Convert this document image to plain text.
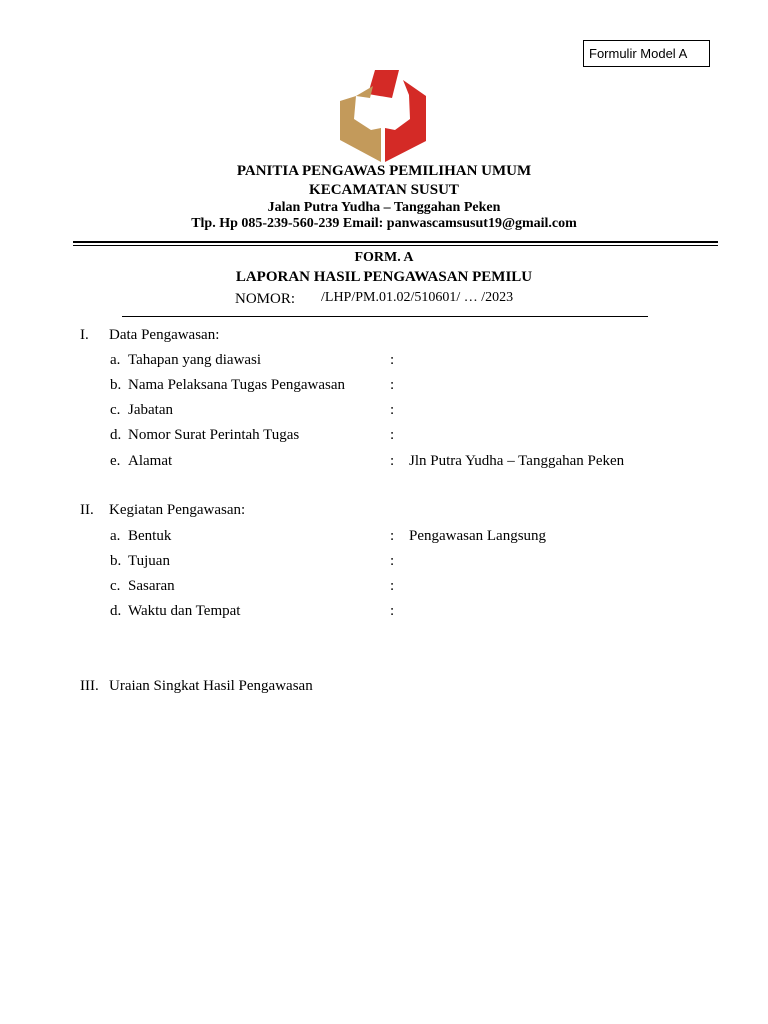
Formulir Model A
PANITIA PENGAWAS PEMILIHAN UMUM
KECAMATAN SUSUT
Jalan Putra Yudha – Tanggahan Peken
Tlp. Hp 085-239-560-239 Email: panwascamsusut19@gmail.com
FORM. A
LAPORAN HASIL PENGAWASAN PEMILU
NOMOR: /LHP/PM.01.02/510601/ … /2023
I. Data Pengawasan:
a. Tahapan yang diawasi	:
b. Nama Pelaksana Tugas Pengawasan	:
c. Jabatan	:
d. Nomor Surat Perintah Tugas	:
e. Alamat	: Jln Putra Yudha – Tanggahan Peken
II. Kegiatan Pengawasan:
a. Bentuk	: Pengawasan Langsung
b. Tujuan	:
c. Sasaran	:
d. Waktu dan Tempat	:
III. Uraian Singkat Hasil Pengawasan
